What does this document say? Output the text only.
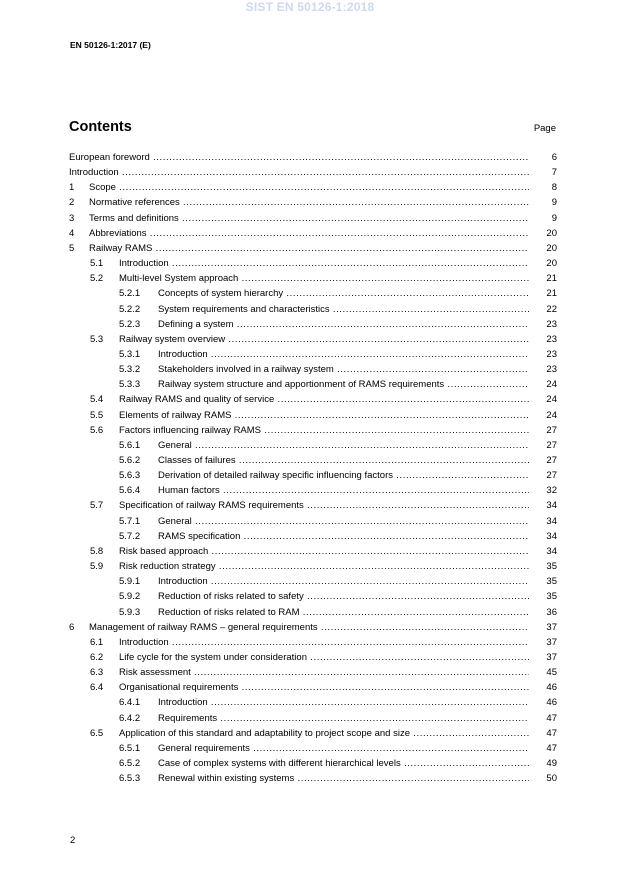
SIST EN 50126-1:2018
EN 50126-1:2017 (E)
Contents	Page
European foreword .....	6
Introduction .....	7
1 Scope .....	8
2 Normative references .....	9
3 Terms and definitions .....	9
4 Abbreviations .....	20
5 Railway RAMS .....	20
5.1 Introduction .....	20
5.2 Multi-level System approach .....	21
5.2.1 Concepts of system hierarchy .....	21
5.2.2 System requirements and characteristics .....	22
5.2.3 Defining a system .....	23
5.3 Railway system overview .....	23
5.3.1 Introduction .....	23
5.3.2 Stakeholders involved in a railway system .....	23
5.3.3 Railway system structure and apportionment of RAMS requirements .....	24
5.4 Railway RAMS and quality of service .....	24
5.5 Elements of railway RAMS .....	24
5.6 Factors influencing railway RAMS .....	27
5.6.1 General .....	27
5.6.2 Classes of failures .....	27
5.6.3 Derivation of detailed railway specific influencing factors .....	27
5.6.4 Human factors .....	32
5.7 Specification of railway RAMS requirements .....	34
5.7.1 General .....	34
5.7.2 RAMS specification .....	34
5.8 Risk based approach .....	34
5.9 Risk reduction strategy .....	35
5.9.1 Introduction .....	35
5.9.2 Reduction of risks related to safety .....	35
5.9.3 Reduction of risks related to RAM .....	36
6 Management of railway RAMS – general requirements .....	37
6.1 Introduction .....	37
6.2 Life cycle for the system under consideration .....	37
6.3 Risk assessment .....	45
6.4 Organisational requirements .....	46
6.4.1 Introduction .....	46
6.4.2 Requirements .....	47
6.5 Application of this standard and adaptability to project scope and size .....	47
6.5.1 General requirements .....	47
6.5.2 Case of complex systems with different hierarchical levels .....	49
6.5.3 Renewal within existing systems .....	50
2
